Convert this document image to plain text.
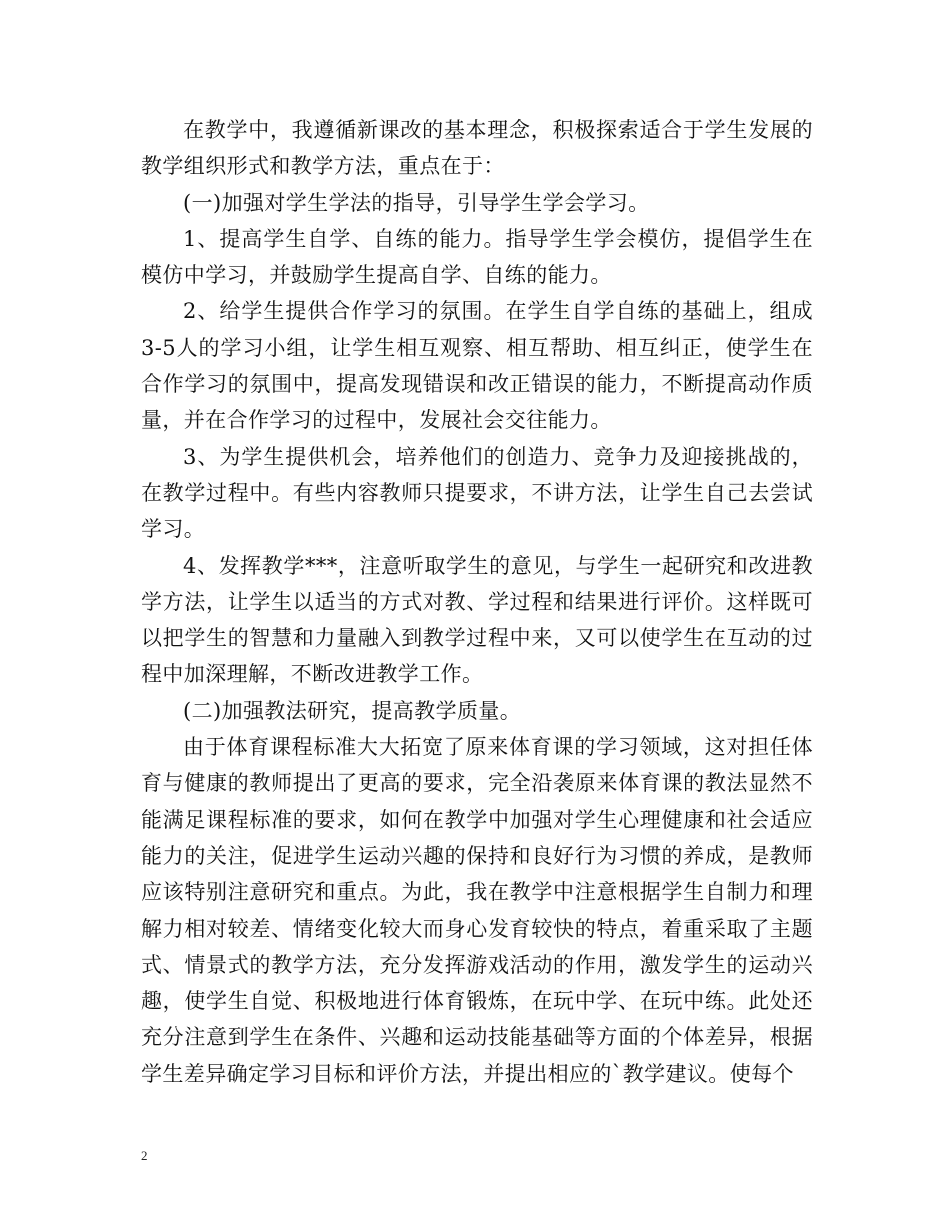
在教学中，我遵循新课改的基本理念，积极探索适合于学生发展的教学组织形式和教学方法，重点在于：

(一)加强对学生学法的指导，引导学生学会学习。

1、提高学生自学、自练的能力。指导学生学会模仿，提倡学生在模仿中学习，并鼓励学生提高自学、自练的能力。

2、给学生提供合作学习的氛围。在学生自学自练的基础上，组成3-5人的学习小组，让学生相互观察、相互帮助、相互纠正，使学生在合作学习的氛围中，提高发现错误和改正错误的能力，不断提高动作质量，并在合作学习的过程中，发展社会交往能力。

3、为学生提供机会，培养他们的创造力、竞争力及迎接挑战的，在教学过程中。有些内容教师只提要求，不讲方法，让学生自己去尝试学习。

4、发挥教学***，注意听取学生的意见，与学生一起研究和改进教学方法，让学生以适当的方式对教、学过程和结果进行评价。这样既可以把学生的智慧和力量融入到教学过程中来，又可以使学生在互动的过程中加深理解，不断改进教学工作。

(二)加强教法研究，提高教学质量。

由于体育课程标准大大拓宽了原来体育课的学习领域，这对担任体育与健康的教师提出了更高的要求，完全沿袭原来体育课的教法显然不能满足课程标准的要求，如何在教学中加强对学生心理健康和社会适应能力的关注，促进学生运动兴趣的保持和良好行为习惯的养成，是教师应该特别注意研究和重点。为此，我在教学中注意根据学生自制力和理解力相对较差、情绪变化较大而身心发育较快的特点，着重采取了主题式、情景式的教学方法，充分发挥游戏活动的作用，激发学生的运动兴趣，使学生自觉、积极地进行体育锻炼，在玩中学、在玩中练。此处还充分注意到学生在条件、兴趣和运动技能基础等方面的个体差异，根据学生差异确定学习目标和评价方法，并提出相应的`教学建议。使每个

2
